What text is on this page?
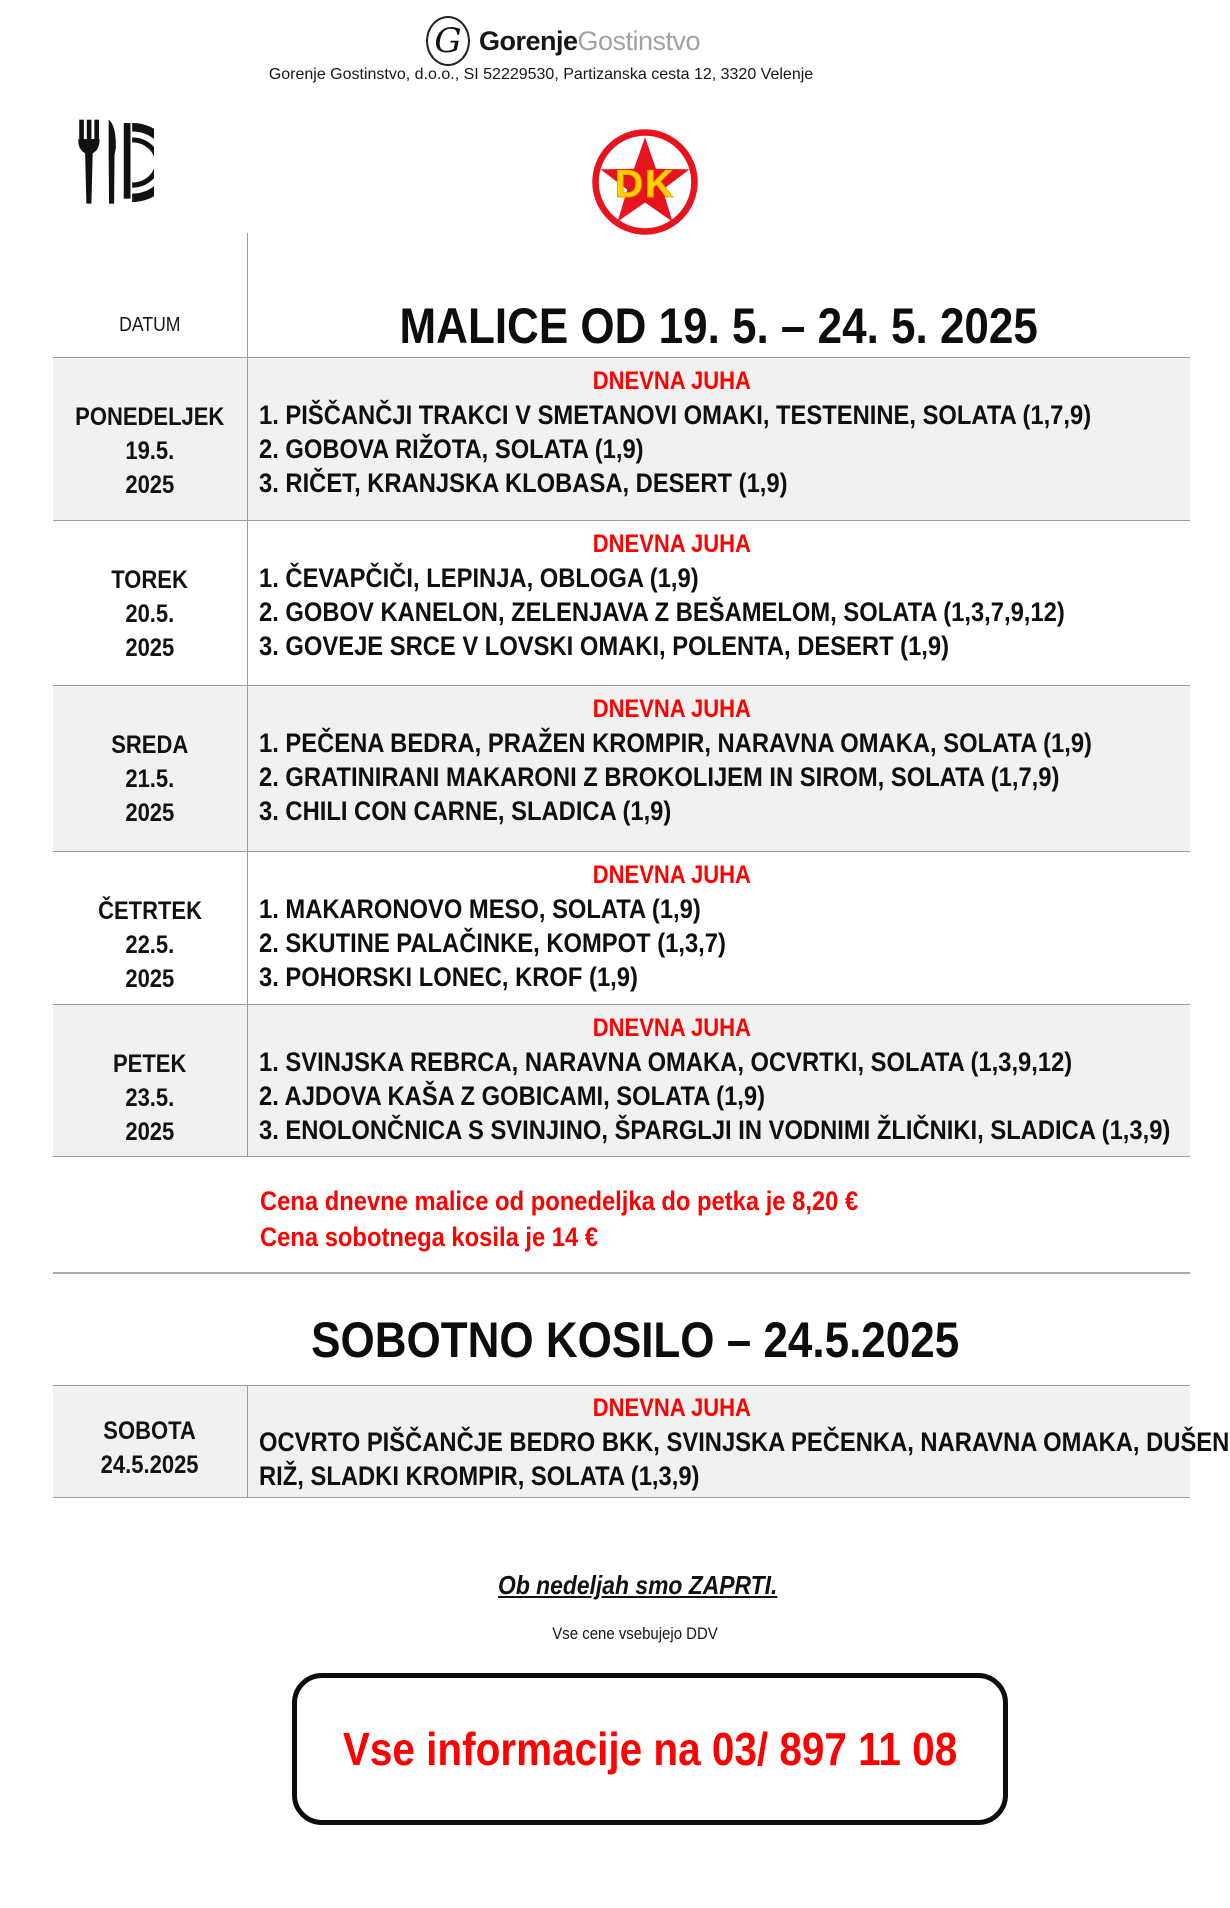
G GorenjeGostinstvo
Gorenje Gostinstvo, d.o.o., SI 52229530, Partizanska cesta 12, 3320 Velenje
DK
DATUM	MALICE OD 19. 5. – 24. 5. 2025
PONEDELJEK
19.5.
2025
DNEVNA JUHA
1. PIŠČANČJI TRAKCI V SMETANOVI OMAKI, TESTENINE, SOLATA (1,7,9)
2. GOBOVA RIŽOTA, SOLATA (1,9)
3. RIČET, KRANJSKA KLOBASA, DESERT (1,9)
TOREK
20.5.
2025
DNEVNA JUHA
1. ČEVAPČIČI, LEPINJA, OBLOGA (1,9)
2. GOBOV KANELON, ZELENJAVA Z BEŠAMELOM, SOLATA (1,3,7,9,12)
3. GOVEJE SRCE V LOVSKI OMAKI, POLENTA, DESERT (1,9)
SREDA
21.5.
2025
DNEVNA JUHA
1. PEČENA BEDRA, PRAŽEN KROMPIR, NARAVNA OMAKA, SOLATA (1,9)
2. GRATINIRANI MAKARONI Z BROKOLIJEM IN SIROM, SOLATA (1,7,9)
3. CHILI CON CARNE, SLADICA (1,9)
ČETRTEK
22.5.
2025
DNEVNA JUHA
1. MAKARONOVO MESO, SOLATA (1,9)
2. SKUTINE PALAČINKE, KOMPOT (1,3,7)
3. POHORSKI LONEC, KROF (1,9)
PETEK
23.5.
2025
DNEVNA JUHA
1. SVINJSKA REBRCA, NARAVNA OMAKA, OCVRTKI, SOLATA (1,3,9,12)
2. AJDOVA KAŠA Z GOBICAMI, SOLATA (1,9)
3. ENOLONČNICA S SVINJINO, ŠPARGLJI IN VODNIMI ŽLIČNIKI, SLADICA (1,3,9)
Cena dnevne malice od ponedeljka do petka je 8,20 €
Cena sobotnega kosila je 14 €
SOBOTNO KOSILO – 24.5.2025
SOBOTA
24.5.2025
DNEVNA JUHA
OCVRTO PIŠČANČJE BEDRO BKK, SVINJSKA PEČENKA, NARAVNA OMAKA, DUŠEN
RIŽ, SLADKI KROMPIR, SOLATA (1,3,9)
Ob nedeljah smo ZAPRTI.
Vse cene vsebujejo DDV
Vse informacije na 03/ 897 11 08
